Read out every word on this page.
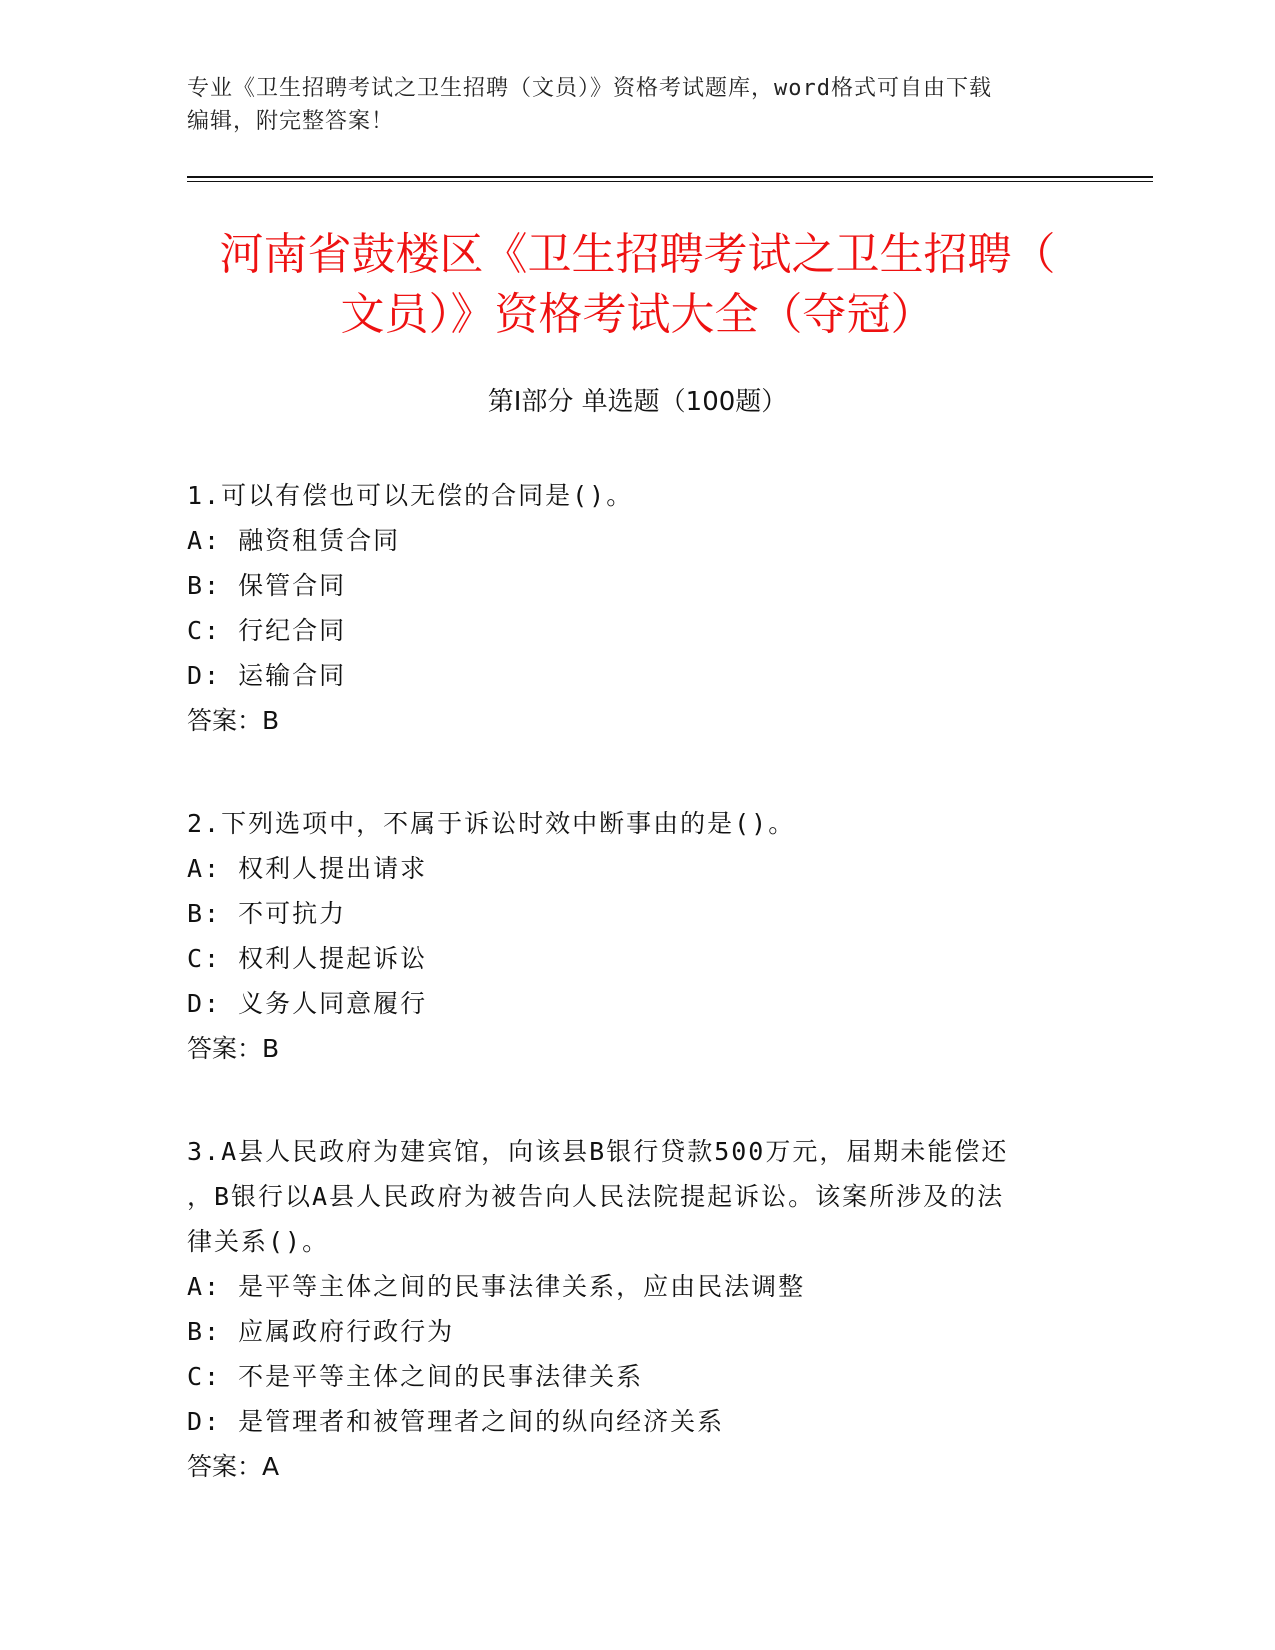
专业《卫生招聘考试之卫生招聘（文员）》资格考试题库，word格式可自由下载
编辑，附完整答案！
河南省鼓楼区《卫生招聘考试之卫生招聘（
文员）》资格考试大全（夺冠）
第Ⅰ部分 单选题（100题）
1.可以有偿也可以无偿的合同是()。
A: 融资租赁合同
B: 保管合同
C: 行纪合同
D: 运输合同
答案：B
2.下列选项中，不属于诉讼时效中断事由的是()。
A: 权利人提出请求
B: 不可抗力
C: 权利人提起诉讼
D: 义务人同意履行
答案：B
3.A县人民政府为建宾馆，向该县B银行贷款500万元，届期未能偿还
，B银行以A县人民政府为被告向人民法院提起诉讼。该案所涉及的法
律关系()。
A: 是平等主体之间的民事法律关系，应由民法调整
B: 应属政府行政行为
C: 不是平等主体之间的民事法律关系
D: 是管理者和被管理者之间的纵向经济关系
答案：A
